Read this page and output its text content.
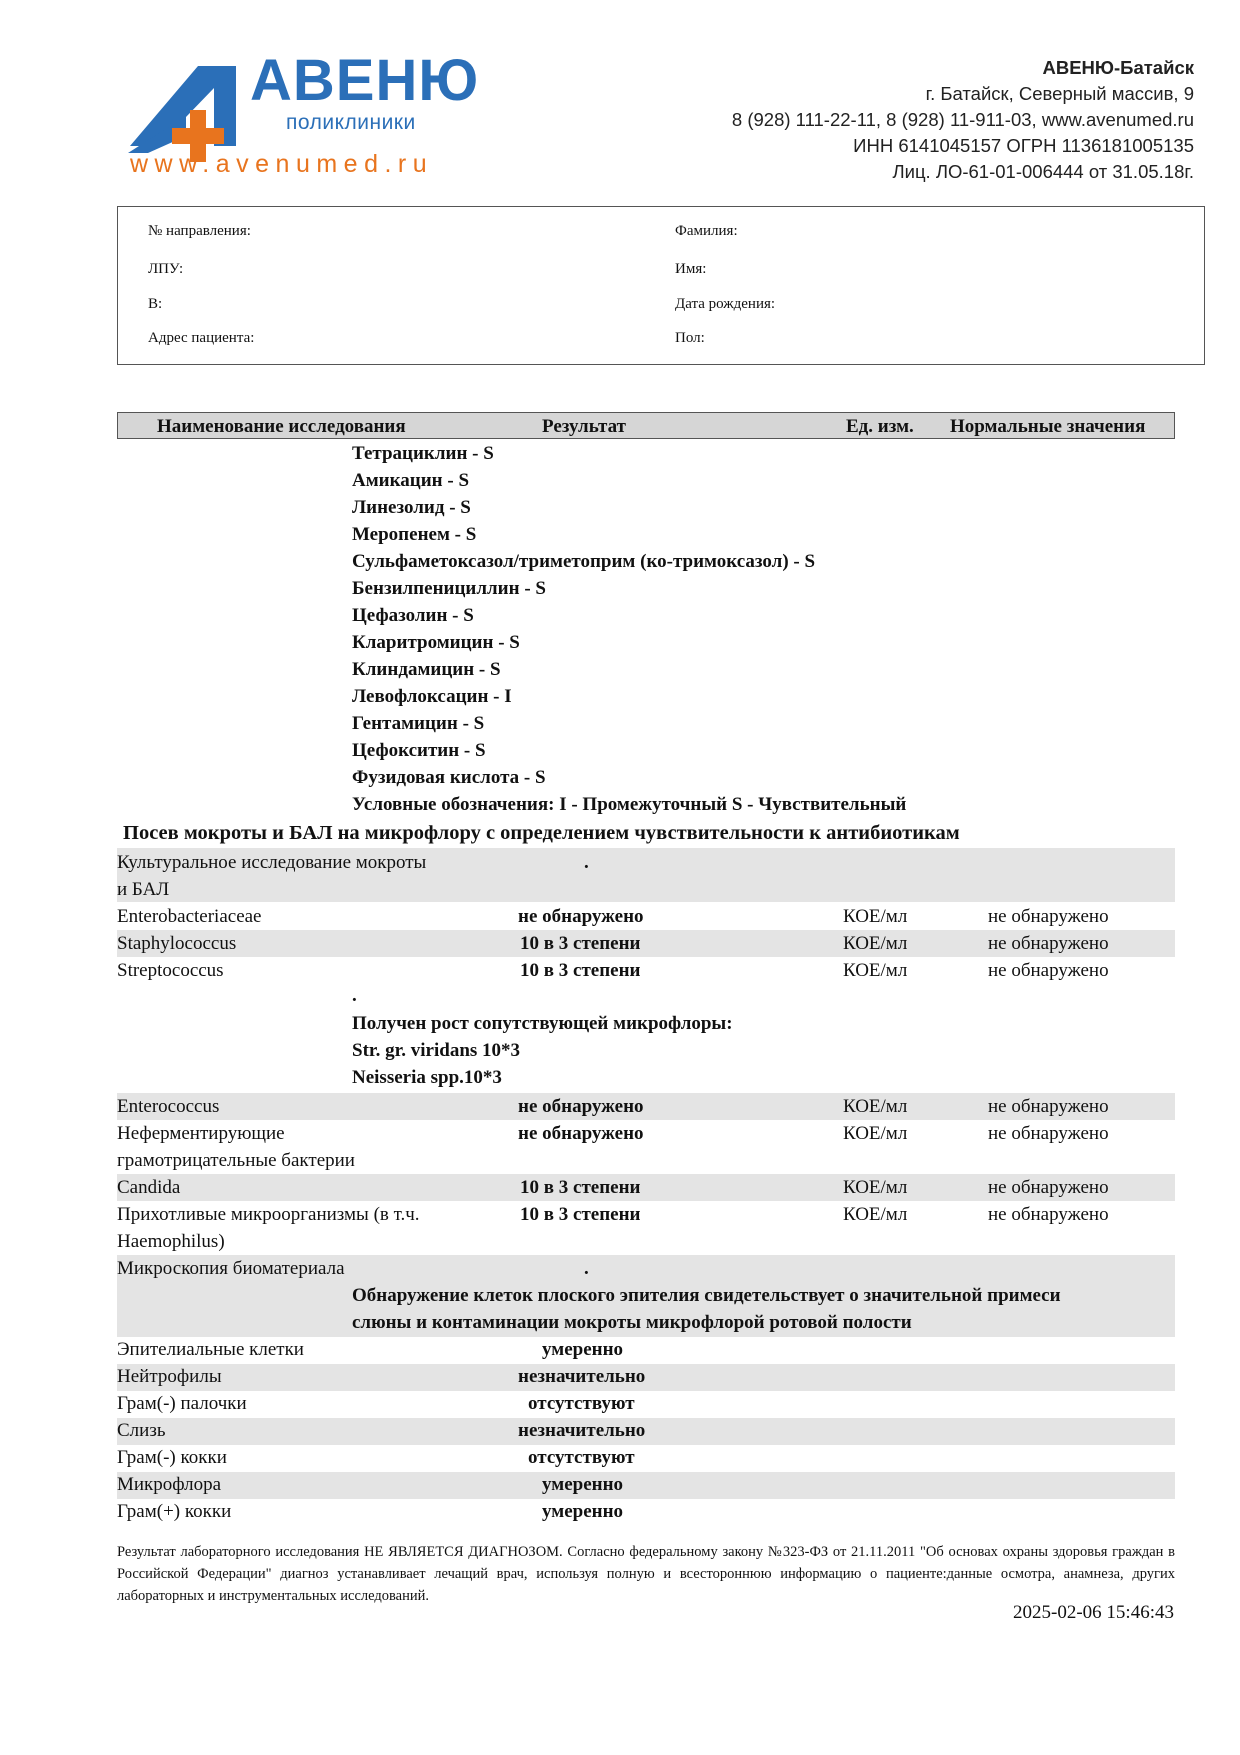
АВЕНЮ
поликлиники
www.avenumed.ru
АВЕНЮ-Батайск
г. Батайск, Северный массив, 9
8 (928) 111-22-11, 8 (928) 11-911-03, www.avenumed.ru
ИНН 6141045157 ОГРН 1136181005135
Лиц. ЛО-61-01-006444 от 31.05.18г.
№ направления:
ЛПУ:
В:
Адрес пациента:
Фамилия:
Имя:
Дата рождения:
Пол:
Наименование исследования	Результат	Ед. изм. Нормальные значения
Тетрациклин - S
Амикацин - S
Линезолид - S
Меропенем - S
Сульфаметоксазол/триметоприм (ко-тримоксазол) - S
Бензилпенициллин - S
Цефазолин - S
Кларитромицин - S
Клиндамицин - S
Левофлоксацин - I
Гентамицин - S
Цефокситин - S
Фузидовая кислота - S
Условные обозначения: I - Промежуточный S - Чувствительный
Посев мокроты и БАЛ на микрофлору с определением чувствительности к антибиотикам
Культуральное исследование мокроты
и БАЛ
.
Enterobacteriaceae	не обнаружено	КОЕ/мл	не обнаружено
Staphylococcus	10 в 3 степени	КОЕ/мл	не обнаружено
Streptococcus	10 в 3 степени	КОЕ/мл	не обнаружено
.
Получен рост сопутствующей микрофлоры:
Str. gr. viridans 10*3
Neisseria spp.10*3
Enterococcus	не обнаружено	КОЕ/мл	не обнаружено
Неферментирующие
грамотрицательные бактерии
не обнаружено	КОЕ/мл	не обнаружено
Candida	10 в 3 степени	КОЕ/мл	не обнаружено
Прихотливые микроорганизмы (в т.ч.
Haemophilus)
10 в 3 степени	КОЕ/мл	не обнаружено
Микроскопия биоматериала	.
Обнаружение клеток плоского эпителия свидетельствует о значительной примеси
слюны и контаминации мокроты микрофлорой ротовой полости
Эпителиальные клетки	умеренно
Нейтрофилы	незначительно
Грам(-) палочки	отсутствуют
Слизь	незначительно
Грам(-) кокки	отсутствуют
Микрофлора	умеренно
Грам(+) кокки	умеренно
Результат лабораторного исследования НЕ ЯВЛЯЕТСЯ ДИАГНОЗОМ. Согласно федеральному закону №323-ФЗ от 21.11.2011 "Об основах охраны здоровья граждан в Российской Федерации" диагноз устанавливает лечащий врач, используя полную и всестороннюю информацию о пациенте:данные осмотра, анамнеза, других лабораторных и инструментальных исследований.
2025-02-06 15:46:43
